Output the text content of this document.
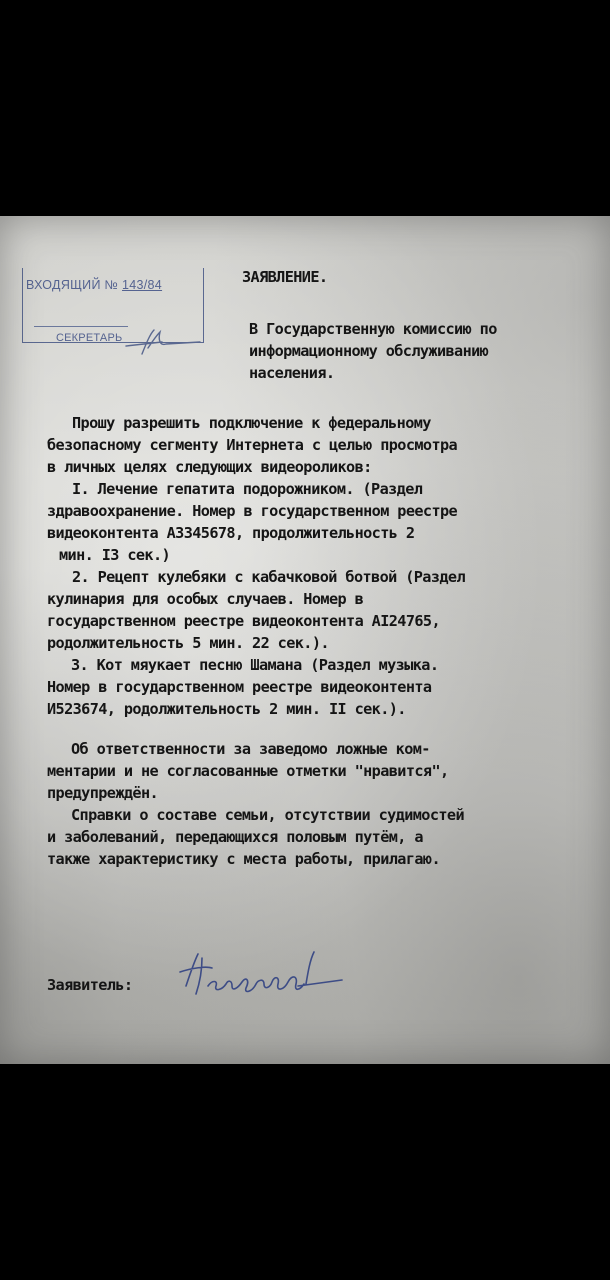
ВХОДЯЩИЙ № 143/84
СЕКРЕТАРЬ
ЗАЯВЛЕНИЕ.
В Государственную комиссию по
информационному обслуживанию
населения.
Прошу разрешить подключение к федеральному
безопасному сегменту Интернета с целью просмотра
в личных целях следующих видеороликов:
I. Лечение гепатита подорожником. (Раздел
здравоохранение. Номер в государственном реестре
видеоконтента А3345678, продолжительность 2
мин. I3 сек.)
2. Рецепт кулебяки с кабачковой ботвой (Раздел
кулинария для особых случаев. Номер в
государственном реестре видеоконтента АI24765,
родолжительность 5 мин. 22 сек.).
3. Кот мяукает песню Шамана (Раздел музыка.
Номер в государственном реестре видеоконтента
И523674, родолжительность 2 мин. II сек.).
Об ответственности за заведомо ложные ком-
ментарии и не согласованные отметки "нравится",
предупреждён.
Справки о составе семьи, отсутствии судимостей
и заболеваний, передающихся половым путём, а
также характеристику с места работы, прилагаю.
Заявитель:
